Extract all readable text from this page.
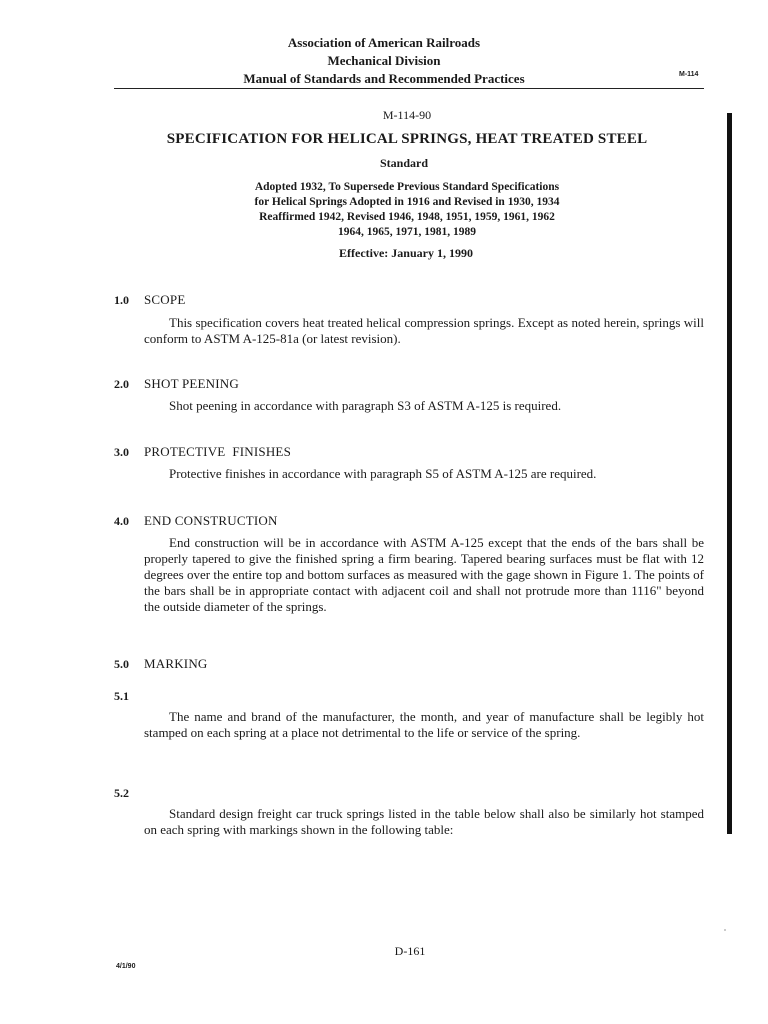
Association of American Railroads
Mechanical Division
Manual of Standards and Recommended Practices	M-114
M-114-90
SPECIFICATION FOR HELICAL SPRINGS, HEAT TREATED STEEL
Standard
Adopted 1932, To Supersede Previous Standard Specifications
for Helical Springs Adopted in 1916 and Revised in 1930, 1934
Reaffirmed 1942, Revised 1946, 1948, 1951, 1959, 1961, 1962
1964, 1965, 1971, 1981, 1989
Effective: January 1, 1990
1.0 SCOPE
This specification covers heat treated helical compression springs. Except as noted herein, springs will conform to ASTM A-125-81a (or latest revision).
2.0 SHOT PEENING
Shot peening in accordance with paragraph S3 of ASTM A-125 is required.
3.0 PROTECTIVE  FINISHES
Protective finishes in accordance with paragraph S5 of ASTM A-125 are required.
4.0 END CONSTRUCTION
End construction will be in accordance with ASTM A-125 except that the ends of the bars shall be properly tapered to give the finished spring a firm bearing. Tapered bearing surfaces must be flat with 12 degrees over the entire top and bottom surfaces as measured with the gage shown in Figure 1. The points of the bars shall be in appropriate contact with adjacent coil and shall not protrude more than 1116" beyond the outside diameter of the springs.
5.0 MARKING
5.1
The name and brand of the manufacturer, the month, and year of manufacture shall be legibly hot stamped on each spring at a place not detrimental to the life or service of the spring.
5.2
Standard design freight car truck springs listed in the table below shall also be similarly hot stamped on each spring with markings shown in the following table:
D-161
4/1/90
